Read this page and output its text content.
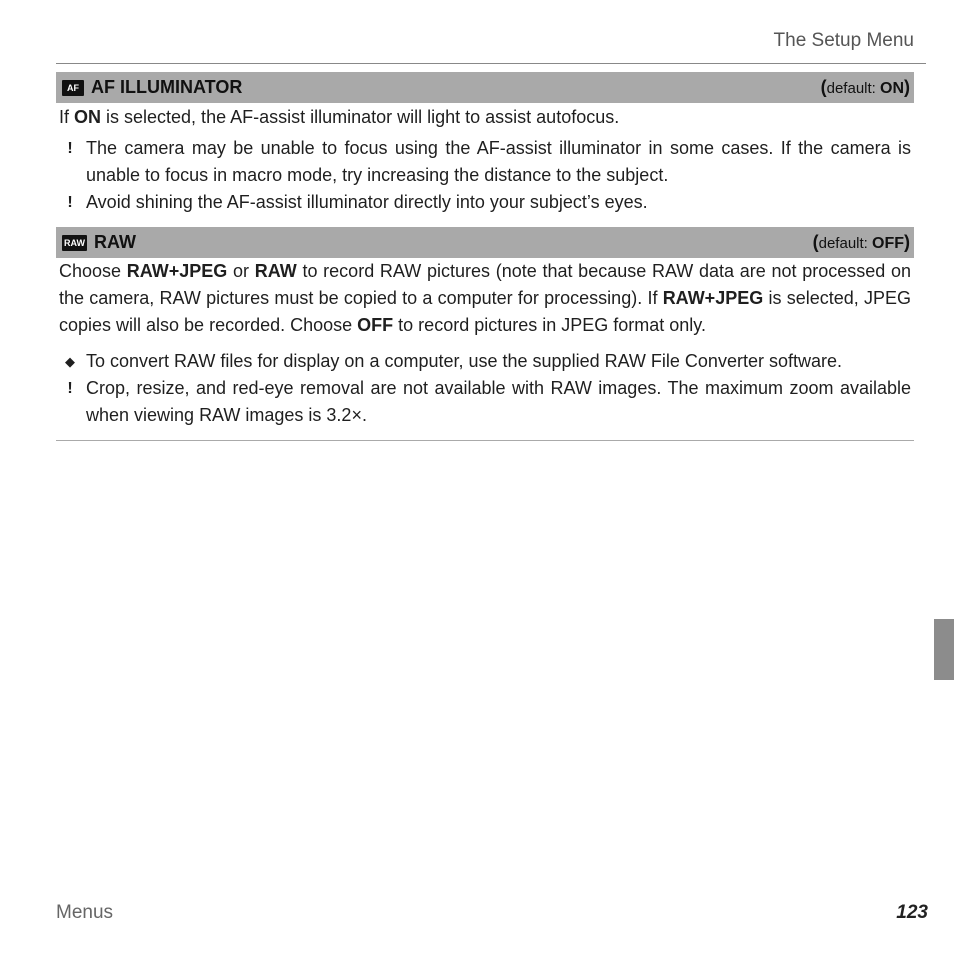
The Setup Menu
AF AF ILLUMINATOR	(default: ON)

If ON is selected, the AF-assist illuminator will light to assist autofocus.

! The camera may be unable to focus using the AF-assist illuminator in some cases. If the camera is unable to focus in macro mode, try increasing the distance to the subject.

! Avoid shining the AF-assist illuminator directly into your subject’s eyes.

RAW RAW	(default: OFF)

Choose RAW+JPEG or RAW to record RAW pictures (note that because RAW data are not processed on the camera, RAW pictures must be copied to a computer for processing). If RAW+JPEG is selected, JPEG copies will also be recorded. Choose OFF to record pictures in JPEG format only.

◆ To convert RAW files for display on a computer, use the supplied RAW File Converter software.

! Crop, resize, and red-eye removal are not available with RAW images. The maximum zoom available when viewing RAW images is 3.2×.

Menus	123
